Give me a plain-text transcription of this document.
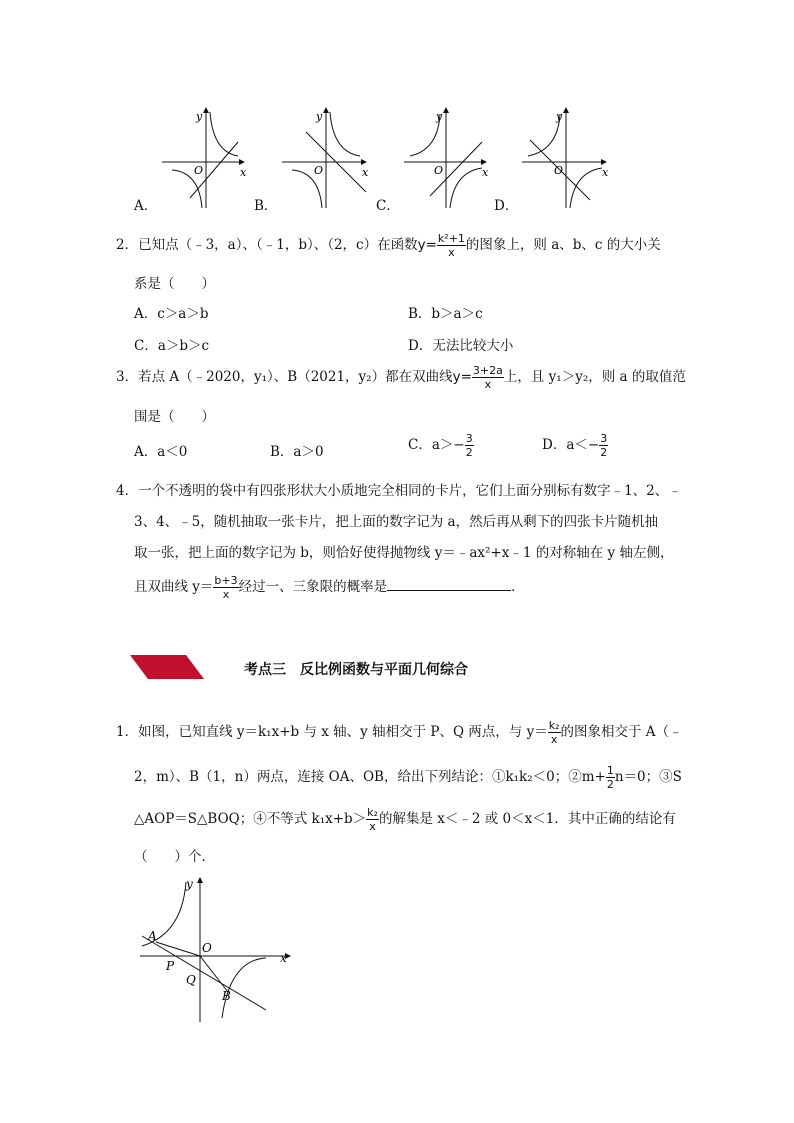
y
x
O
y
x
O
y
x
O
y
x
O
A．	B．	C．	D．
2．已知点（﹣3，a）、（﹣1，b）、（2，c）在函数$y= \frac{\text{k²+1}}{x}$ 的图象上，则 a、b、c 的大小关
系是（　　）
A．c＞a＞b	B．b＞a＞c
C．a＞b＞c	D．无法比较大小
3．若点 A（﹣2020，y₁）、B（2021，y₂）都在双曲线$y= \frac{3+2a}{x}$ 上，且 y₁＞y₂，则 a 的取值范
围是（　　）
A．a＜0	B．a＞0	C．$a>- \frac{3}{2}$	D．$a<- \frac{3}{2}$
4．一个不透明的袋中有四张形状大小质地完全相同的卡片，它们上面分别标有数字﹣1、2、﹣
3、4、﹣5，随机抽取一张卡片，把上面的数字记为 a，然后再从剩下的四张卡片随机抽
取一张，把上面的数字记为 b，则恰好使得抛物线 y＝﹣ax²+x﹣1 的对称轴在 y 轴左侧，
且双曲线 $y= \frac{b+3}{x}$ 经过一、三象限的概率是	．
考点三　反比例函数与平面几何综合
1．如图，已知直线 y＝k₁x+b 与 x 轴、y 轴相交于 P、Q 两点，与 $y= \frac{\text{k₂}}{x}$ 的图象相交于 A（﹣
2，m）、B（1，n）两点，连接 OA、OB，给出下列结论：①k₁k₂＜0；②m+ $\frac{1}{2} n=0$；③S
△AOP＝S△BOQ；④不等式 $k_1x+b> \frac{\text{k₂}}{x}$ 的解集是 x＜﹣2 或 0＜x＜1．其中正确的结论有
（　　）个．
y
A
O
x
P
Q
B
